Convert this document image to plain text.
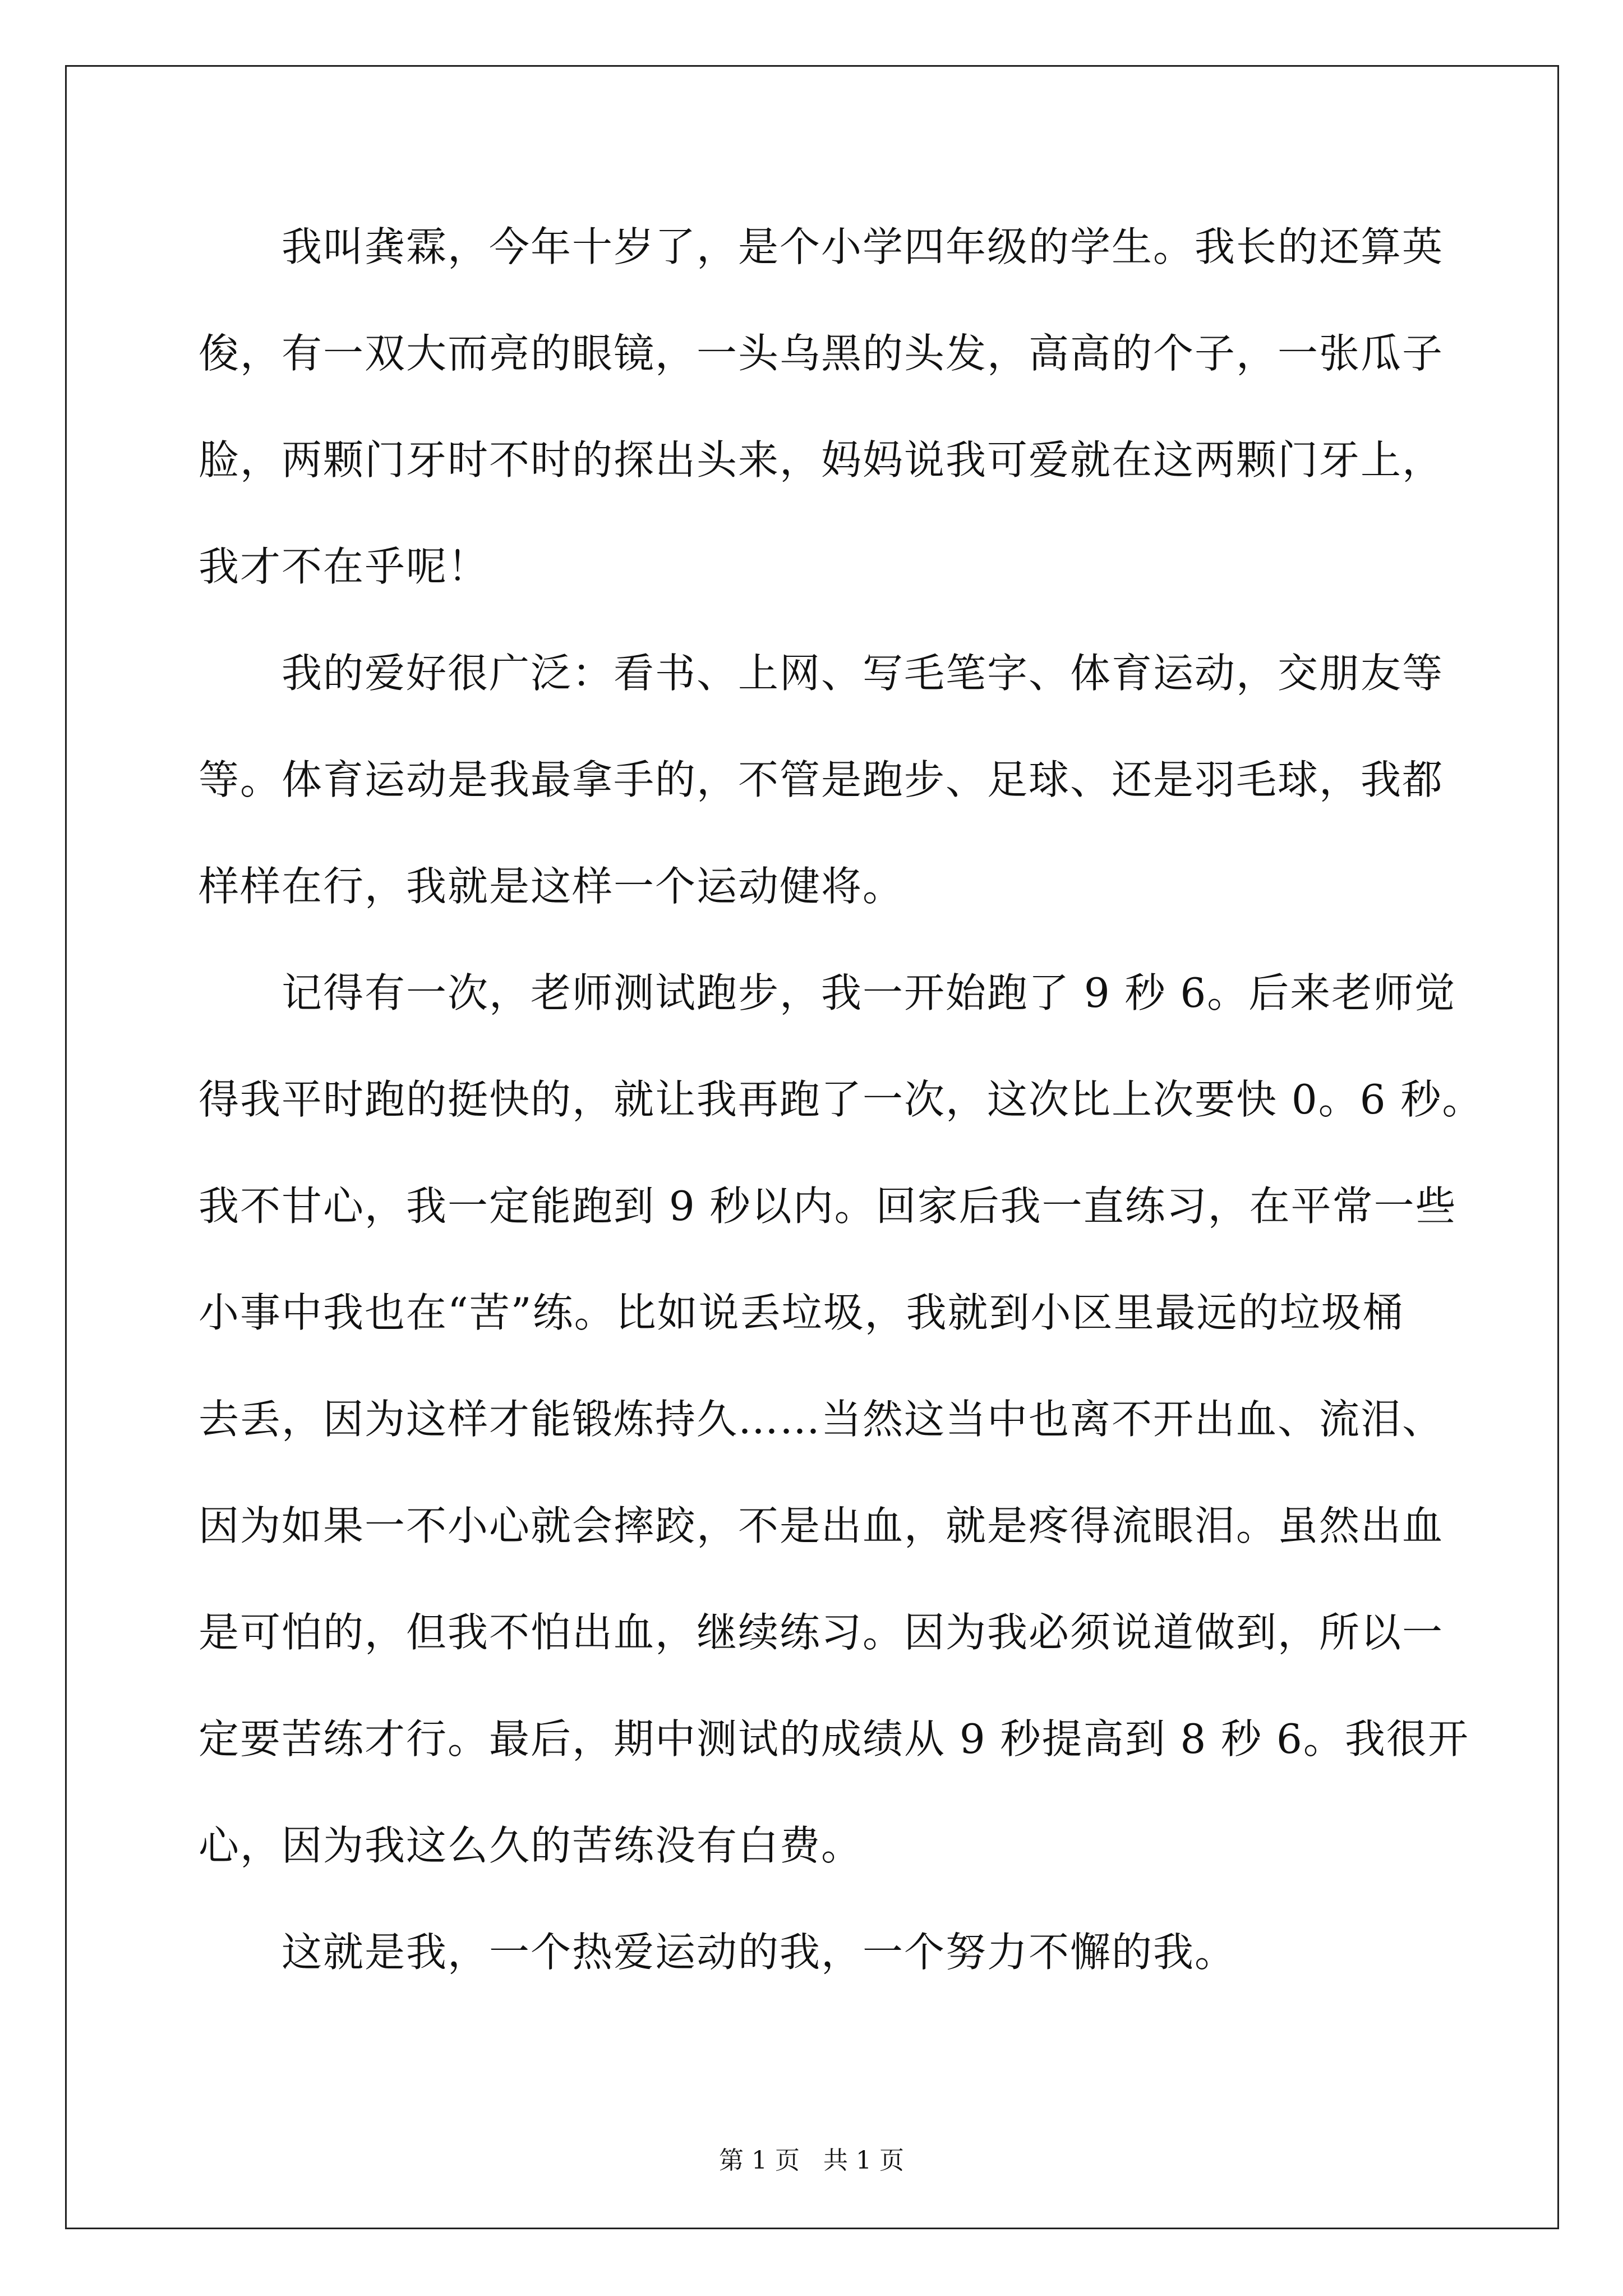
　　我叫龚霖，今年十岁了，是个小学四年级的学生。我长的还算英
俊，有一双大而亮的眼镜，一头乌黑的头发，高高的个子，一张瓜子
脸，两颗门牙时不时的探出头来，妈妈说我可爱就在这两颗门牙上，
我才不在乎呢！
　　我的爱好很广泛：看书、上网、写毛笔字、体育运动，交朋友等
等。体育运动是我最拿手的，不管是跑步、足球、还是羽毛球，我都
样样在行，我就是这样一个运动健将。
　　记得有一次，老师测试跑步，我一开始跑了 9 秒 6。后来老师觉
得我平时跑的挺快的，就让我再跑了一次，这次比上次要快 0。6 秒。
我不甘心，我一定能跑到 9 秒以内。回家后我一直练习，在平常一些
小事中我也在“苦”练。比如说丢垃圾，我就到小区里最远的垃圾桶
去丢，因为这样才能锻炼持久……当然这当中也离不开出血、流泪、
因为如果一不小心就会摔跤，不是出血，就是疼得流眼泪。虽然出血
是可怕的，但我不怕出血，继续练习。因为我必须说道做到，所以一
定要苦练才行。最后，期中测试的成绩从 9 秒提高到 8 秒 6。我很开
心，因为我这么久的苦练没有白费。
　　这就是我，一个热爱运动的我，一个努力不懈的我。
第 1 页 共 1 页
